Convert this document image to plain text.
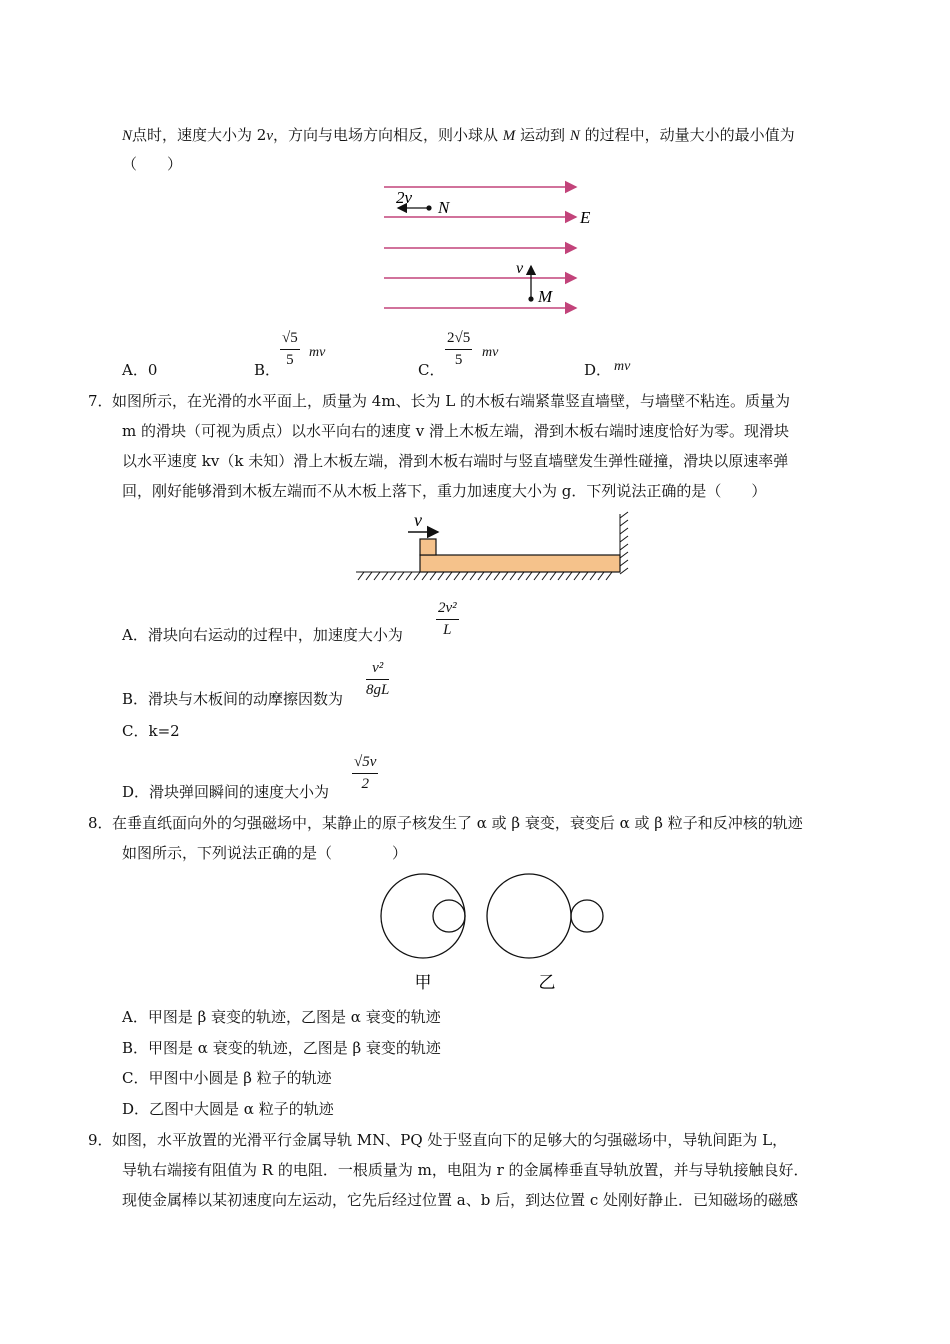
N点时，速度大小为 2v，方向与电场方向相反，则小球从 M 运动到 N 的过程中，动量大小的最小值为
（　　）
2v
N
E
v
M
A．0	B．
$\frac{√5}{5}$ mv
C．
$\frac{2√5}{5}$ mv
D． mv
7． 如图所示，在光滑的水平面上，质量为 4m、长为 L 的木板右端紧靠竖直墙壁，与墙壁不粘连。质量为
m 的滑块（可视为质点）以水平向右的速度 v 滑上木板左端，滑到木板右端时速度恰好为零。现滑块
以水平速度 kv（k 未知）滑上木板左端，滑到木板右端时与竖直墙壁发生弹性碰撞，滑块以原速率弹
回，刚好能够滑到木板左端而不从木板上落下，重力加速度大小为 g．下列说法正确的是（　　）
v
A．滑块向右运动的过程中，加速度大小为 $\frac{\text{2v²}}{L}$
B．滑块与木板间的动摩擦因数为 $\frac{\text{v²}}{8gL}$
C．k=2
D．滑块弹回瞬间的速度大小为 $\frac{√5v}{2}$
8． 在垂直纸面向外的匀强磁场中，某静止的原子核发生了 α 或 β 衰变，衰变后 α 或 β 粒子和反冲核的轨迹
如图所示，下列说法正确的是（　　　　）
甲	乙
A．甲图是 β 衰变的轨迹，乙图是 α 衰变的轨迹
B．甲图是 α 衰变的轨迹，乙图是 β 衰变的轨迹
C．甲图中小圆是 β 粒子的轨迹
D．乙图中大圆是 α 粒子的轨迹
9． 如图，水平放置的光滑平行金属导轨 MN、PQ 处于竖直向下的足够大的匀强磁场中，导轨间距为 L，
导轨右端接有阻值为 R 的电阻．一根质量为 m，电阻为 r 的金属棒垂直导轨放置，并与导轨接触良好．
现使金属棒以某初速度向左运动，它先后经过位置 a、b 后，到达位置 c 处刚好静止．已知磁场的磁感
